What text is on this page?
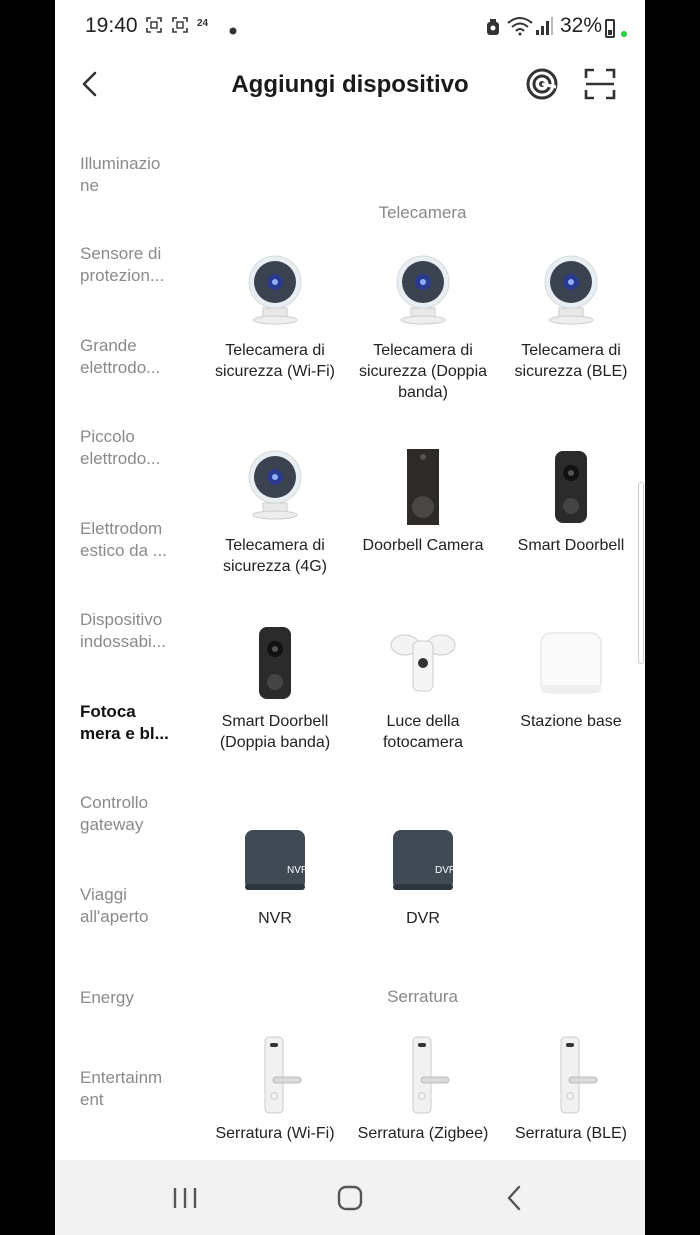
19:40	24	32%
Aggiungi dispositivo
Illuminazio ne
Sensore di protezion...
Grande elettrodo...
Piccolo elettrodo...
Elettrodom estico da ...
Dispositivo indossabi...
Fotoca mera e bl...
Controllo gateway
Viaggi all'aperto
Energy
Entertainm ent
Telecamera
Telecamera di sicurezza (Wi-Fi)
Telecamera di sicurezza (Doppia banda)
Telecamera di sicurezza (BLE)
Telecamera di sicurezza (4G)
Doorbell Camera	Smart Doorbell
Smart Doorbell (Doppia banda)
Luce della fotocamera
Stazione base
NVR
NVR
DVR
DVR
Serratura
Serratura (Wi-Fi)	Serratura (Zigbee)	Serratura (BLE)
